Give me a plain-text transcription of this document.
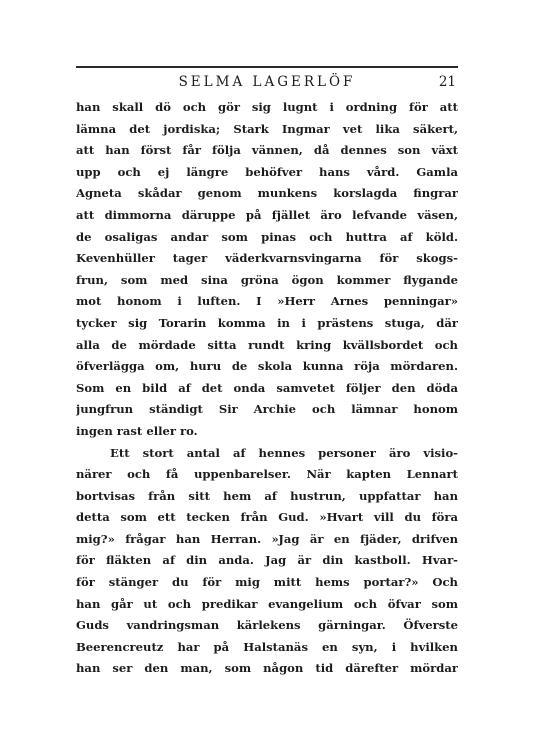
SELMA LAGERLÖF	21
han skall dö och gör sig lugnt i ordning för att
lämna det jordiska; Stark Ingmar vet lika säkert,
att han först får följa vännen, då dennes son växt
upp och ej längre behöfver hans vård. Gamla
Agneta skådar genom munkens korslagda fingrar
att dimmorna däruppe på fjället äro lefvande väsen,
de osaligas andar som pinas och huttra af köld.
Kevenhüller tager väderkvarnsvingarna för skogs-
frun, som med sina gröna ögon kommer flygande
mot honom i luften. I »Herr Arnes penningar»
tycker sig Torarin komma in i prästens stuga, där
alla de mördade sitta rundt kring kvällsbordet och
öfverlägga om, huru de skola kunna röja mördaren.
Som en bild af det onda samvetet följer den döda
jungfrun ständigt Sir Archie och lämnar honom
ingen rast eller ro.
Ett stort antal af hennes personer äro visio-
närer och få uppenbarelser. När kapten Lennart
bortvisas från sitt hem af hustrun, uppfattar han
detta som ett tecken från Gud. »Hvart vill du föra
mig?» frågar han Herran. »Jag är en fjäder, drifven
för fläkten af din anda. Jag är din kastboll. Hvar-
för stänger du för mig mitt hems portar?» Och
han går ut och predikar evangelium och öfvar som
Guds vandringsman kärlekens gärningar. Öfverste
Beerencreutz har på Halstanäs en syn, i hvilken
han ser den man, som någon tid därefter mördar
